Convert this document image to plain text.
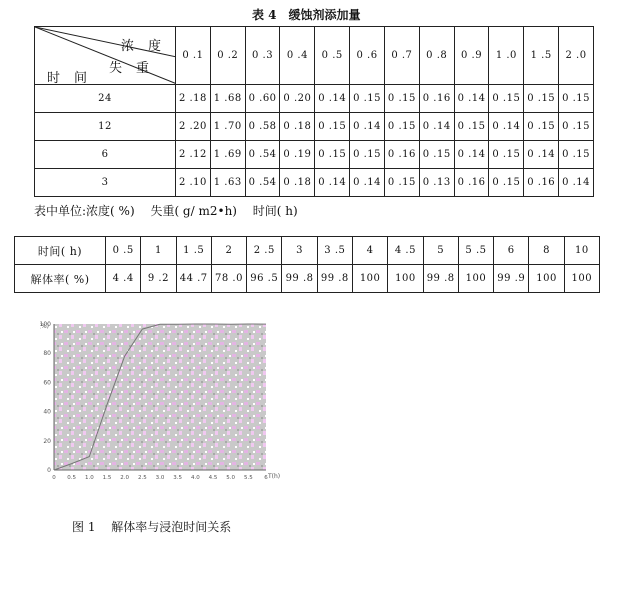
表 4　缓蚀剂添加量
浓　度
失　重
时　间	0 .1	0 .2	0 .3	0 .4	0 .5	0 .6	0 .7	0 .8	0 .9	1 .0	1 .5	2 .0
24	2 .18	1 .68	0 .60	0 .20	0 .14	0 .15	0 .15	0 .16	0 .14	0 .15	0 .15	0 .15
12	2 .20	1 .70	0 .58	0 .18	0 .15	0 .14	0 .15	0 .14	0 .15	0 .14	0 .15	0 .15
6	2 .12	1 .69	0 .54	0 .19	0 .15	0 .15	0 .16	0 .15	0 .14	0 .15	0 .14	0 .15
3	2 .10	1 .63	0 .54	0 .18	0 .14	0 .14	0 .15	0 .13	0 .16	0 .15	0 .16	0 .14
表中单位:浓度( %)　 失重( g/ m2•h)　 时间( h)
时间( h)	0 .5	1	1 .5	2	2 .5	3	3 .5	4	4 .5	5	5 .5	6	8	10
解体率( %)	4 .4	9 .2	44 .7	78 .0	96 .5	99 .8	99 .8	100	100	99 .8	100	99 .9	100	100
100
80
60
40
20
0
0 0.5 1.0 1.5 2.0 2.5 3.0 3.5 4.0 4.5 5.0 5.5 6
%)
T(h)
图 1　 解体率与浸泡时间关系
